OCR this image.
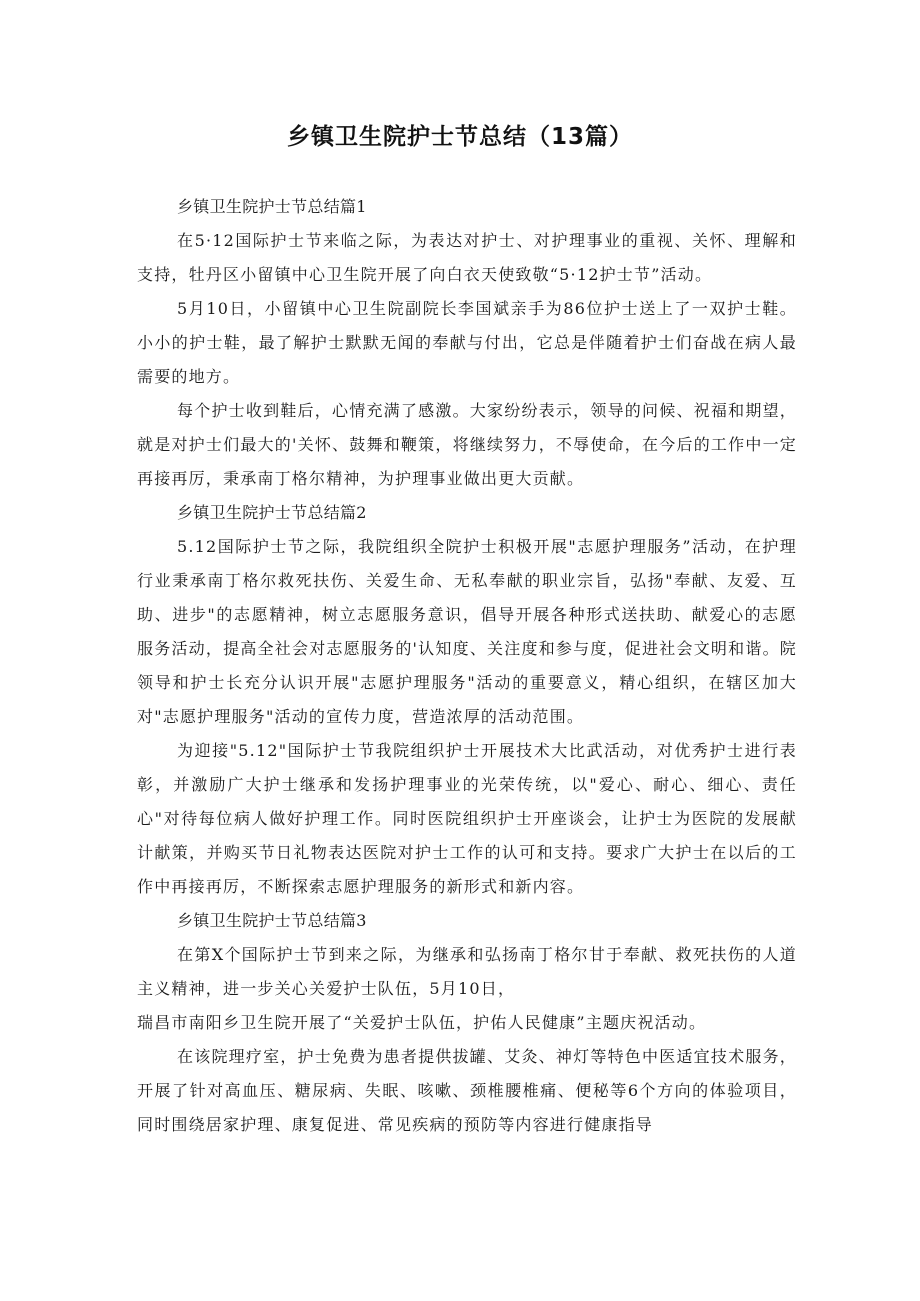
乡镇卫生院护士节总结（13篇）

乡镇卫生院护士节总结篇1

在5·12国际护士节来临之际，为表达对护士、对护理事业的重视、关怀、理解和支持，牡丹区小留镇中心卫生院开展了向白衣天使致敬“5·12护士节”活动。

5月10日，小留镇中心卫生院副院长李国斌亲手为86位护士送上了一双护士鞋。小小的护士鞋，最了解护士默默无闻的奉献与付出，它总是伴随着护士们奋战在病人最需要的地方。

每个护士收到鞋后，心情充满了感激。大家纷纷表示，领导的问候、祝福和期望，就是对护士们最大的'关怀、鼓舞和鞭策，将继续努力，不辱使命，在今后的工作中一定再接再厉，秉承南丁格尔精神，为护理事业做出更大贡献。

乡镇卫生院护士节总结篇2

5.12国际护士节之际，我院组织全院护士积极开展"志愿护理服务”活动，在护理行业秉承南丁格尔救死扶伤、关爱生命、无私奉献的职业宗旨，弘扬"奉献、友爱、互助、进步"的志愿精神，树立志愿服务意识，倡导开展各种形式送扶助、献爱心的志愿服务活动，提高全社会对志愿服务的'认知度、关注度和参与度，促进社会文明和谐。院领导和护士长充分认识开展"志愿护理服务"活动的重要意义，精心组织，在辖区加大对"志愿护理服务"活动的宣传力度，营造浓厚的活动范围。

为迎接"5.12"国际护士节我院组织护士开展技术大比武活动，对优秀护士进行表彰，并激励广大护士继承和发扬护理事业的光荣传统，以"爱心、耐心、细心、责任心"对待每位病人做好护理工作。同时医院组织护士开座谈会，让护士为医院的发展献计献策，并购买节日礼物表达医院对护士工作的认可和支持。要求广大护士在以后的工作中再接再厉，不断探索志愿护理服务的新形式和新内容。

乡镇卫生院护士节总结篇3

在第X个国际护士节到来之际，为继承和弘扬南丁格尔甘于奉献、救死扶伤的人道主义精神，进一步关心关爱护士队伍，5月10日，

瑞昌市南阳乡卫生院开展了“关爱护士队伍，护佑人民健康”主题庆祝活动。

在该院理疗室，护士免费为患者提供拔罐、艾灸、神灯等特色中医适宜技术服务，开展了针对高血压、糖尿病、失眠、咳嗽、颈椎腰椎痛、便秘等6个方向的体验项目，同时围绕居家护理、康复促进、常见疾病的预防等内容进行健康指导
